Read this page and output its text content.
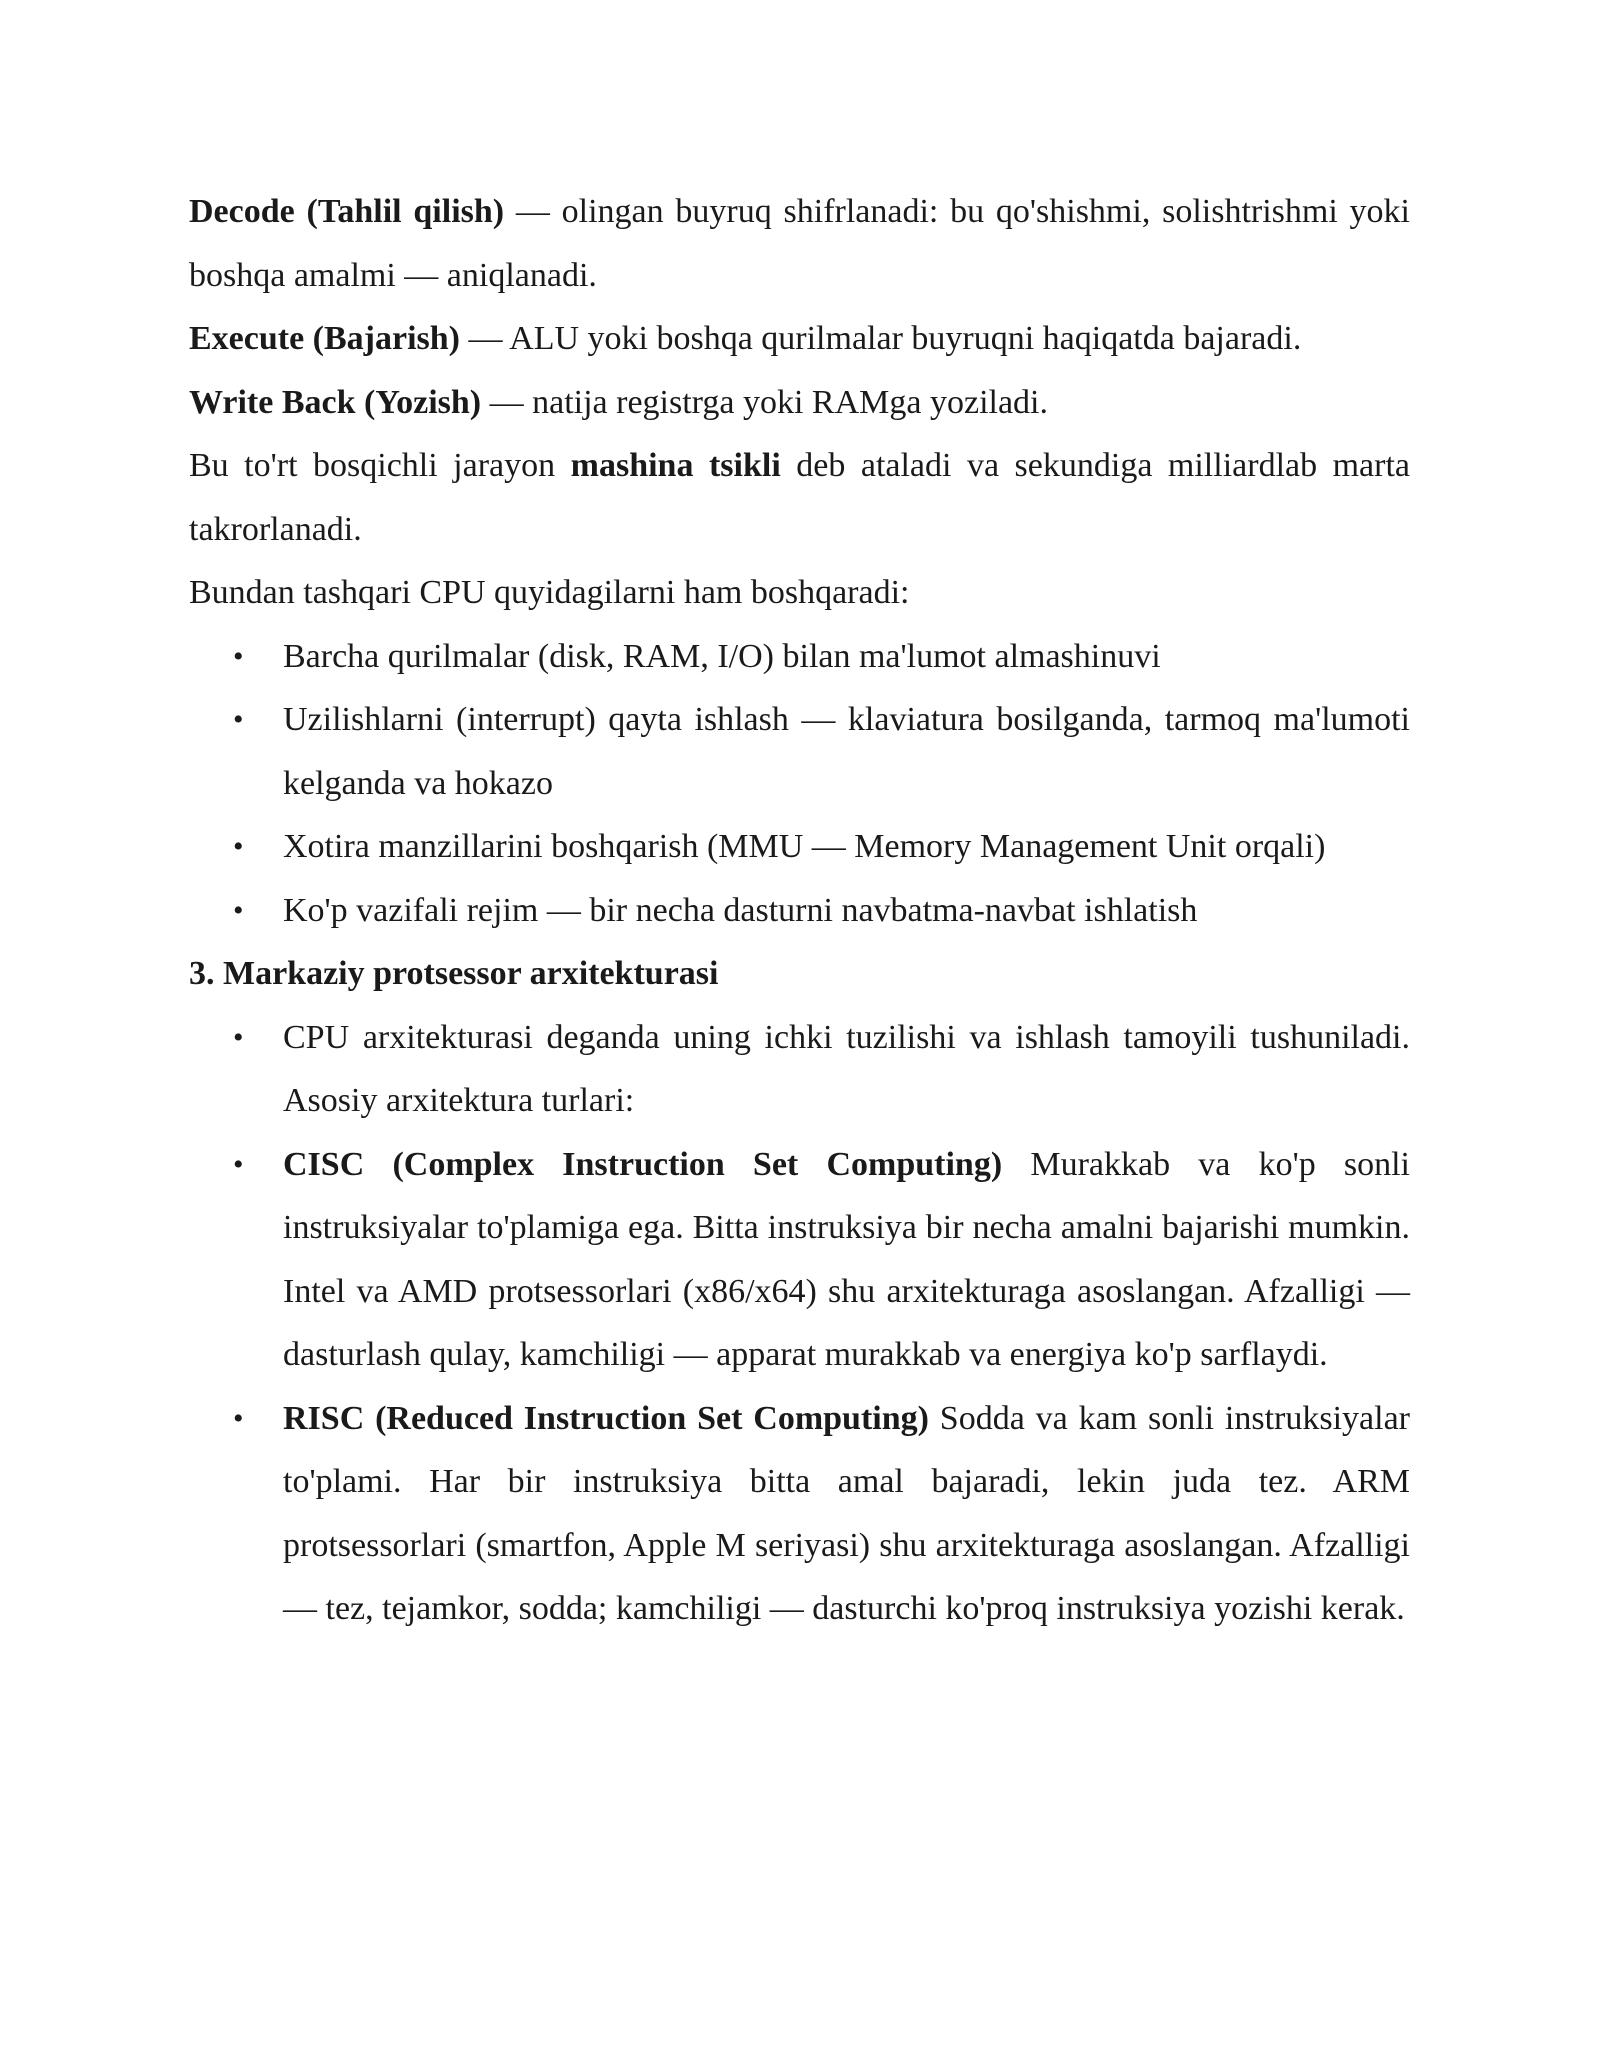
Decode (Tahlil qilish) — olingan buyruq shifrlanadi: bu qo'shishmi, solishtrishmi yoki boshqa amalmi — aniqlanadi.

Execute (Bajarish) — ALU yoki boshqa qurilmalar buyruqni haqiqatda bajaradi.

Write Back (Yozish) — natija registrga yoki RAMga yoziladi.

Bu to'rt bosqichli jarayon mashina tsikli deb ataladi va sekundiga milliardlab marta takrorlanadi.

Bundan tashqari CPU quyidagilarni ham boshqaradi:

• Barcha qurilmalar (disk, RAM, I/O) bilan ma'lumot almashinuvi
• Uzilishlarni (interrupt) qayta ishlash — klaviatura bosilganda, tarmoq ma'lumoti kelganda va hokazo
• Xotira manzillarini boshqarish (MMU — Memory Management Unit orqali)
• Ko'p vazifali rejim — bir necha dasturni navbatma-navbat ishlatish
3. Markaziy protsessor arxitekturasi
• CPU arxitekturasi deganda uning ichki tuzilishi va ishlash tamoyili tushuniladi. Asosiy arxitektura turlari:
• CISC (Complex Instruction Set Computing) Murakkab va ko'p sonli instruksiyalar to'plamiga ega. Bitta instruksiya bir necha amalni bajarishi mumkin. Intel va AMD protsessorlari (x86/x64) shu arxitekturaga asoslangan. Afzalligi — dasturlash qulay, kamchiligi — apparat murakkab va energiya ko'p sarflaydi.
• RISC (Reduced Instruction Set Computing) Sodda va kam sonli instruksiyalar to'plami. Har bir instruksiya bitta amal bajaradi, lekin juda tez. ARM protsessorlari (smartfon, Apple M seriyasi) shu arxitekturaga asoslangan. Afzalligi — tez, tejamkor, sodda; kamchiligi — dasturchi ko'proq instruksiya yozishi kerak.
